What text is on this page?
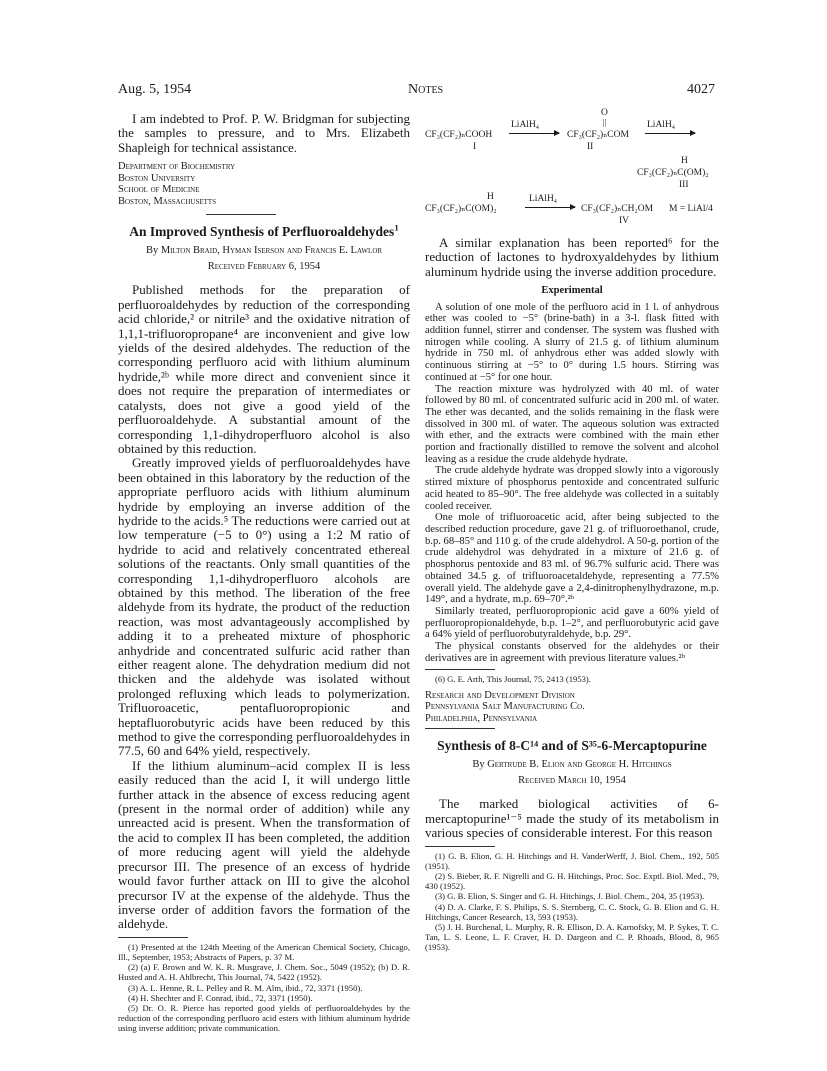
Aug. 5, 1954	Notes	4027

I am indebted to Prof. P. W. Bridgman for subjecting the samples to pressure, and to Mrs. Elizabeth Shapleigh for technical assistance.

Department of Biochemistry
Boston University
School of Medicine
Boston, Massachusetts
An Improved Synthesis of Perfluoroaldehydes$^1$

By Milton Braid, Hyman Iserson and Francis E. Lawlor

Received February 6, 1954

Published methods for the preparation of perfluoroaldehydes by reduction of the corresponding acid chloride,² or nitrile³ and the oxidative nitration of 1,1,1-trifluoropropane⁴ are inconvenient and give low yields of the desired aldehydes. The reduction of the corresponding perfluoro acid with lithium aluminum hydride,²ᵇ while more direct and convenient since it does not require the preparation of intermediates or catalysts, does not give a good yield of the perfluoroaldehyde. A substantial amount of the corresponding 1,1-dihydroperfluoro alcohol is also obtained by this reduction.

Greatly improved yields of perfluoroaldehydes have been obtained in this laboratory by the reduction of the appropriate perfluoro acids with lithium aluminum hydride by employing an inverse addition of the hydride to the acids.⁵ The reductions were carried out at low temperature (−5 to 0°) using a 1:2 M ratio of hydride to acid and relatively concentrated ethereal solutions of the reactants. Only small quantities of the corresponding 1,1-dihydroperfluoro alcohols are obtained by this method. The liberation of the free aldehyde from its hydrate, the product of the reduction reaction, was most advantageously accomplished by adding it to a preheated mixture of phosphoric anhydride and concentrated sulfuric acid rather than either reagent alone. The dehydration medium did not thicken and the aldehyde was isolated without prolonged refluxing which leads to polymerization. Trifluoroacetic, pentafluoropropionic and heptafluorobutyric acids have been reduced by this method to give the corresponding perfluoroaldehydes in 77.5, 60 and 64% yield, respectively.

If the lithium aluminum–acid complex II is less easily reduced than the acid I, it will undergo little further attack in the absence of excess reducing agent (present in the normal order of addition) while any unreacted acid is present. When the transformation of the acid to complex II has been completed, the addition of more reducing agent will yield the aldehyde precursor III. The presence of an excess of hydride would favor further attack on III to give the alcohol precursor IV at the expense of the aldehyde. Thus the inverse order of addition favors the formation of the aldehyde.

(1) Presented at the 124th Meeting of the American Chemical Society, Chicago, Ill., September, 1953; Abstracts of Papers, p. 37 M.

(2) (a) F. Brown and W. K. R. Musgrave, J. Chem. Soc., 5049 (1952); (b) D. R. Husted and A. H. Ahlbrecht, This Journal, 74, 5422 (1952).

(3) A. L. Henne, R. L. Pelley and R. M. Alm, ibid., 72, 3371 (1950).

(4) H. Shechter and F. Conrad, ibid., 72, 3371 (1950).

(5) Dr. O. R. Pierce has reported good yields of perfluoroaldehydes by the reduction of the corresponding perfluoro acid esters with lithium aluminum hydride using inverse addition; private communication.

O
||
LiAlH₄	LiAlH₄
CF₃(CF₂)ₙCOOH	CF₃(CF₂)ₙCOM
I	II
H
CF₃(CF₂)ₙC(OM)₂
III
H	LiAlH₄
CF₃(CF₂)ₙC(OM)₂	CF₃(CF₂)ₙCH₂OM M = LiAl/4
IV

A similar explanation has been reported⁶ for the reduction of lactones to hydroxyaldehydes by lithium aluminum hydride using the inverse addition procedure.

Experimental

A solution of one mole of the perfluoro acid in 1 l. of anhydrous ether was cooled to −5° (brine-bath) in a 3-l. flask fitted with addition funnel, stirrer and condenser. The system was flushed with nitrogen while cooling. A slurry of 21.5 g. of lithium aluminum hydride in 750 ml. of anhydrous ether was added slowly with continuous stirring at −5° to 0° during 1.5 hours. Stirring was continued at −5° for one hour.

The reaction mixture was hydrolyzed with 40 ml. of water followed by 80 ml. of concentrated sulfuric acid in 200 ml. of water. The ether was decanted, and the solids remaining in the flask were dissolved in 300 ml. of water. The aqueous solution was extracted with ether, and the extracts were combined with the main ether portion and fractionally distilled to remove the solvent and alcohol leaving as a residue the crude aldehyde hydrate.

The crude aldehyde hydrate was dropped slowly into a vigorously stirred mixture of phosphorus pentoxide and concentrated sulfuric acid heated to 85–90°. The free aldehyde was collected in a suitably cooled receiver.

One mole of trifluoroacetic acid, after being subjected to the described reduction procedure, gave 21 g. of trifluoroethanol, crude, b.p. 68–85° and 110 g. of the crude aldehydrol. A 50-g. portion of the crude aldehydrol was dehydrated in a mixture of 21.6 g. of phosphorus pentoxide and 83 ml. of 96.7% sulfuric acid. There was obtained 34.5 g. of trifluoroacetaldehyde, representing a 77.5% overall yield. The aldehyde gave a 2,4-dinitrophenylhydrazone, m.p. 149°, and a hydrate, m.p. 69–70°.²ᵇ

Similarly treated, perfluoropropionic acid gave a 60% yield of perfluoropropionaldehyde, b.p. 1–2°, and perfluorobutyric acid gave a 64% yield of perfluorobutyraldehyde, b.p. 29°.

The physical constants observed for the aldehydes or their derivatives are in agreement with previous literature values.²ᵇ

(6) G. E. Arth, This Journal, 75, 2413 (1953).

Research and Development Division
Pennsylvania Salt Manufacturing Co.
Philadelphia, Pennsylvania
Synthesis of 8-C¹⁴ and of S³⁵-6-Mercaptopurine

By Gertrude B. Elion and George H. Hitchings

Received March 10, 1954

The marked biological activities of 6-mercaptopurine¹⁻⁵ made the study of its metabolism in various species of considerable interest. For this reason

(1) G. B. Elion, G. H. Hitchings and H. VanderWerff, J. Biol. Chem., 192, 505 (1951).

(2) S. Bieber, R. F. Nigrelli and G. H. Hitchings, Proc. Soc. Exptl. Biol. Med., 79, 430 (1952).

(3) G. B. Elion, S. Singer and G. H. Hitchings, J. Biol. Chem., 204, 35 (1953).

(4) D. A. Clarke, F. S. Philips, S. S. Sternberg, C. C. Stock, G. B. Elion and G. H. Hitchings, Cancer Research, 13, 593 (1953).

(5) J. H. Burchenal, L. Murphy, R. R. Ellison, D. A. Karnofsky, M. P. Sykes, T. C. Tan, L. S. Leone, L. F. Craver, H. D. Dargeon and C. P. Rhoads, Blood, 8, 965 (1953).
